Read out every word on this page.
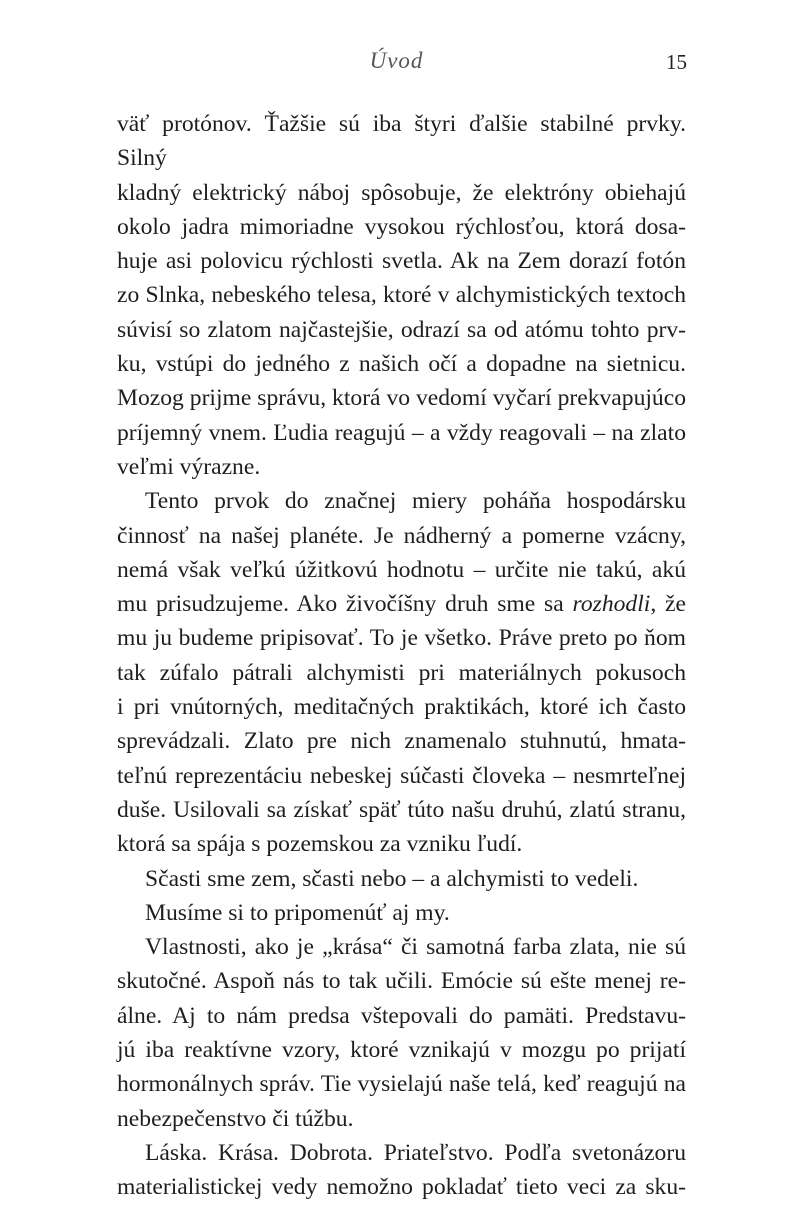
Úvod	15
väť protónov. Ťažšie sú iba štyri ďalšie stabilné prvky. Silný
kladný elektrický náboj spôsobuje, že elektróny obiehajú
okolo jadra mimoriadne vysokou rýchlosťou, ktorá dosa-
huje asi polovicu rýchlosti svetla. Ak na Zem dorazí fotón
zo Slnka, nebeského telesa, ktoré v alchymistických textoch
súvisí so zlatom najčastejšie, odrazí sa od atómu tohto prv-
ku, vstúpi do jedného z našich očí a dopadne na sietnicu.
Mozog prijme správu, ktorá vo vedomí vyčarí prekvapujúco
príjemný vnem. Ľudia reagujú – a vždy reagovali – na zlato
veľmi výrazne.
Tento prvok do značnej miery poháňa hospodársku
činnosť na našej planéte. Je nádherný a pomerne vzácny,
nemá však veľkú úžitkovú hodnotu – určite nie takú, akú
mu prisudzujeme. Ako živočíšny druh sme sa rozhodli, že
mu ju budeme pripisovať. To je všetko. Práve preto po ňom
tak zúfalo pátrali alchymisti pri materiálnych pokusoch
i pri vnútorných, meditačných praktikách, ktoré ich často
sprevádzali. Zlato pre nich znamenalo stuhnutú, hmata-
teľnú reprezentáciu nebeskej súčasti človeka – nesmrteľnej
duše. Usilovali sa získať späť túto našu druhú, zlatú stranu,
ktorá sa spája s pozemskou za vzniku ľudí.
Sčasti sme zem, sčasti nebo – a alchymisti to vedeli.
Musíme si to pripomenúť aj my.
Vlastnosti, ako je „krása“ či samotná farba zlata, nie sú
skutočné. Aspoň nás to tak učili. Emócie sú ešte menej re-
álne. Aj to nám predsa vštepovali do pamäti. Predstavu-
jú iba reaktívne vzory, ktoré vznikajú v mozgu po prijatí
hormonálnych správ. Tie vysielajú naše telá, keď reagujú na
nebezpečenstvo či túžbu.
Láska. Krása. Dobrota. Priateľstvo. Podľa svetonázoru
materialistickej vedy nemožno pokladať tieto veci za sku-
